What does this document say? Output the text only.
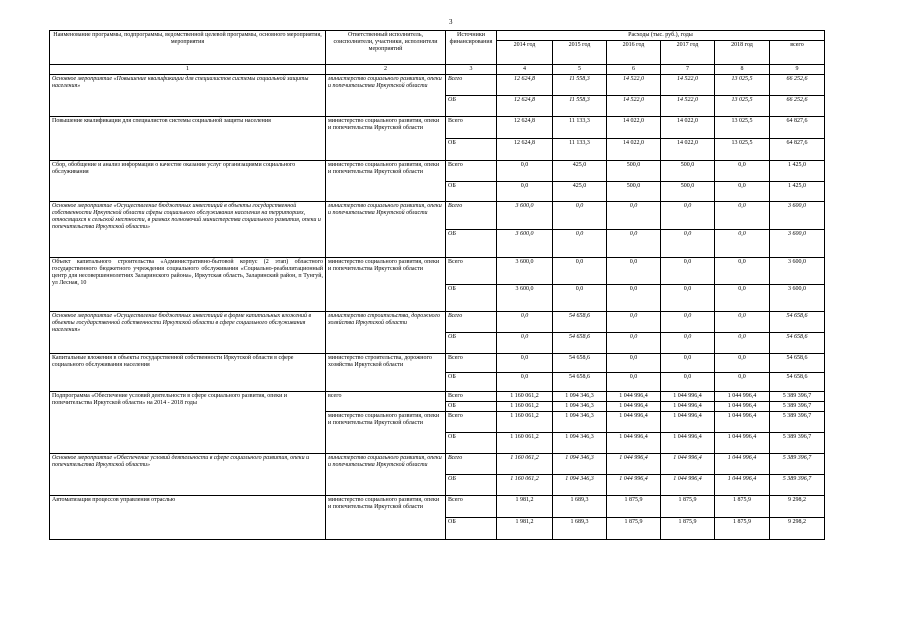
3
Наименование программы, подпрограммы, ведомственной целевой программы, основного мероприятия, мероприятия	Ответственный исполнитель, соисполнители, участники, исполнители мероприятий	Источники финансирования	Расходы (тыс. руб.), годы					
			2014 год	2015 год	2016 год	2017 год	2018 год	всего
1	2	3	4	5	6	7	8	9
Основное мероприятие «Повышение квалификации для специалистов системы социальной защиты населения»	министерство социального развития, опеки и попечительства Иркутской области	Всего	12 624,8	11 558,3	14 522,0	14 522,0	13 025,5	66 252,6
		ОБ	12 624,8	11 558,3	14 522,0	14 522,0	13 025,5	66 252,6
Повышение квалификации для специалистов системы социальной защиты населения	министерство социального развития, опеки и попечительства Иркутской области	Всего	12 624,8	11 133,3	14 022,0	14 022,0	13 025,5	64 827,6
		ОБ	12 624,8	11 133,3	14 022,0	14 022,0	13 025,5	64 827,6
Сбор, обобщение и анализ информации о качестве оказания услуг организациями социального обслуживания	министерство социального развития, опеки и попечительства Иркутской области	Всего	0,0	425,0	500,0	500,0	0,0	1 425,0
		ОБ	0,0	425,0	500,0	500,0	0,0	1 425,0
Основное мероприятие «Осуществление бюджетных инвестиций в объекты государственной собственности Иркутской области сферы социального обслуживания населения на территориях, относящихся к сельской местности, в рамках полномочий министерства социального развития, опеки и попечительства Иркутской области»	министерство социального развития, опеки и попечительства Иркутской области	Всего	3 600,0	0,0	0,0	0,0	0,0	3 600,0
		ОБ	3 600,0	0,0	0,0	0,0	0,0	3 600,0
Объект капитального строительства «Административно-бытовой корпус (2 этап) областного государственного бюджетного учреждения социального обслуживания «Социально-реабилитационный центр для несовершеннолетних Заларинского района», Иркутская область, Заларинский район, п Тунгуй, ул Лесная, 10	министерство социального развития, опеки и попечительства Иркутской области	Всего	3 600,0	0,0	0,0	0,0	0,0	3 600,0
		ОБ	3 600,0	0,0	0,0	0,0	0,0	3 600,0
Основное мероприятие «Осуществление бюджетных инвестиций в форме капитальных вложений в объекты государственной собственности Иркутской области в сфере социального обслуживания населения»	министерство строительства, дорожного хозяйства Иркутской области	Всего	0,0	54 658,6	0,0	0,0	0,0	54 658,6
		ОБ	0,0	54 658,6	0,0	0,0	0,0	54 658,6
Капитальные вложения в объекты государственной собственности Иркутской области в сфере социального обслуживания населения	министерство строительства, дорожного хозяйства Иркутской области	Всего	0,0	54 658,6	0,0	0,0	0,0	54 658,6
		ОБ	0,0	54 658,6	0,0	0,0	0,0	54 658,6
Подпрограмма «Обеспечение условий деятельности в сфере социального развития, опеки и попечительства Иркутской области» на 2014 - 2018 годы	всего	Всего	1 160 061,2	1 094 346,3	1 044 996,4	1 044 996,4	1 044 996,4	5 389 396,7
		ОБ	1 160 061,2	1 094 346,3	1 044 996,4	1 044 996,4	1 044 996,4	5 389 396,7
	министерство социального развития, опеки и попечительства Иркутской области	Всего	1 160 061,2	1 094 346,3	1 044 996,4	1 044 996,4	1 044 996,4	5 389 396,7
		ОБ	1 160 061,2	1 094 346,3	1 044 996,4	1 044 996,4	1 044 996,4	5 389 396,7
Основное мероприятие «Обеспечение условий деятельности в сфере социального развития, опеки и попечительства Иркутской области»	министерство социального развития, опеки и попечительства Иркутской области	Всего	1 160 061,2	1 094 346,3	1 044 996,4	1 044 996,4	1 044 996,4	5 389 396,7
		ОБ	1 160 061,2	1 094 346,3	1 044 996,4	1 044 996,4	1 044 996,4	5 389 396,7
Автоматизация процессов управления отраслью	министерство социального развития, опеки и попечительства Иркутской области	Всего	1 981,2	1 689,3	1 875,9	1 875,9	1 875,9	9 298,2
		ОБ	1 981,2	1 689,3	1 875,9	1 875,9	1 875,9	9 298,2
